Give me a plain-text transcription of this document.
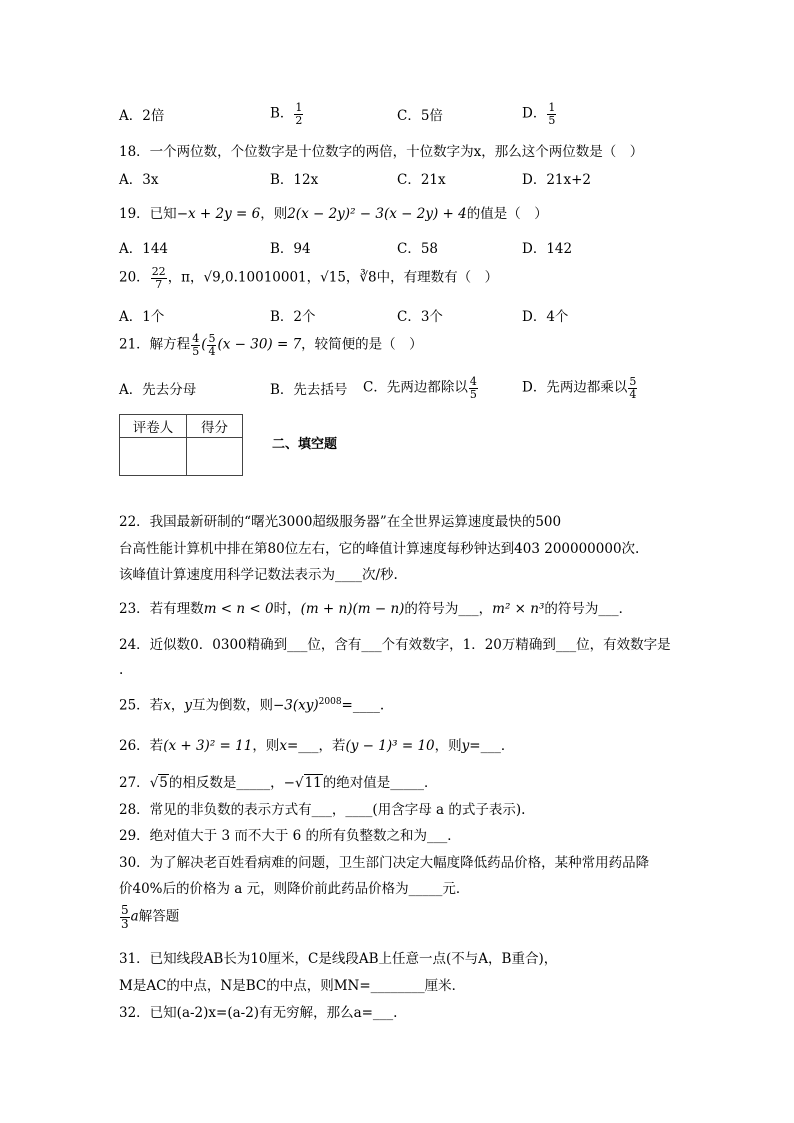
A．2倍	B． $\frac{1}{2}$	C．5倍	D． $\frac{1}{5}$
18．一个两位数，个位数字是十位数字的两倍，十位数字为x，那么这个两位数是（　）
A．3x	B．12x	C．21x	D．21x+2
19．已知−x + 2y = 6，则2(x − 2y)² − 3(x − 2y) + 4的值是（　）
A．144	B．94	C．58	D．142
20． $\frac{22}{7}$ ，π，√9,0.10010001，√15，∛8中，有理数有（　）
A．1个	B．2个	C．3个	D．4个
21．解方程 $\frac{4}{5}$ ( $\frac{5}{4} (x - 30) = 7$，较简便的是（　）
A．先去分母	B．先去括号 C．先两边都除以 $\frac{4}{5}$	D．先两边都乘以 $\frac{5}{4}$
评卷人	得分

二、填空题
22．我国最新研制的“曙光3000超级服务器”在全世界运算速度最快的500
台高性能计算机中排在第80位左右，它的峰值计算速度每秒钟达到403 200000000次.
该峰值计算速度用科学记数法表示为____次/秒.
23．若有理数m < n < 0时，(m + n)(m − n)的符号为___，m² × n³的符号为___．
24．近似数0．0300精确到___位，含有___个有效数字，1．20万精确到___位，有效数字是
.
25．若x，y互为倒数，则−3(xy)$^{2008}$=____.
26．若(x + 3)² = 11，则x=___，若(y − 1)³ = 10，则y=___．
27．√5的相反数是_____，−√11的绝对值是_____．
28．常见的非负数的表示方式有___，____(用含字母 a 的式子表示).
29．绝对值大于 3 而不大于 6 的所有负整数之和为___．
30．为了解决老百姓看病难的问题，卫生部门决定大幅度降低药品价格，某种常用药品降
价40%后的价格为 a 元，则降价前此药品价格为_____元．
$\frac{5}{3}$ a解答题
31．已知线段AB长为10厘米，C是线段AB上任意一点(不与A，B重合)，
M是AC的中点，N是BC的中点，则MN=________厘米．
32．已知(a-2)x=(a-2)有无穷解，那么a=___.
